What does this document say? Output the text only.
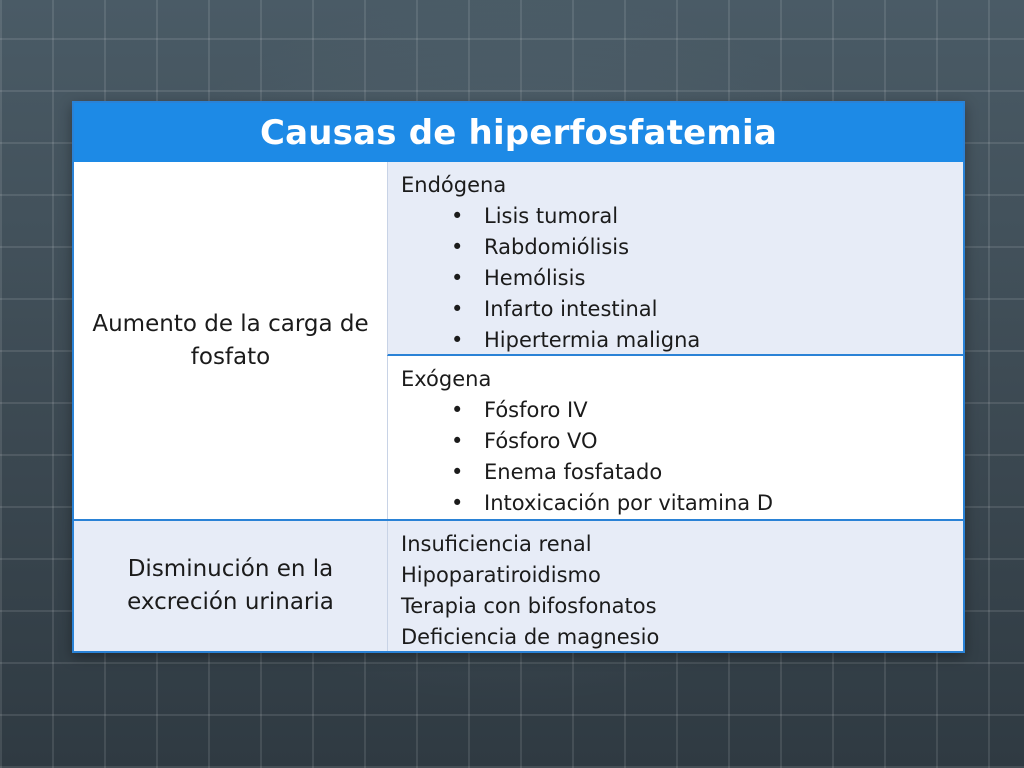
Causas de hiperfosfatemia
Aumento de la carga de fosfato
Endógena
• Lisis tumoral
• Rabdomiólisis
• Hemólisis
• Infarto intestinal
• Hipertermia maligna
Exógena
• Fósforo IV
• Fósforo VO
• Enema fosfatado
• Intoxicación por vitamina D
Disminución en la excreción urinaria
Insuficiencia renal
Hipoparatiroidismo
Terapia con bifosfonatos
Deficiencia de magnesio
